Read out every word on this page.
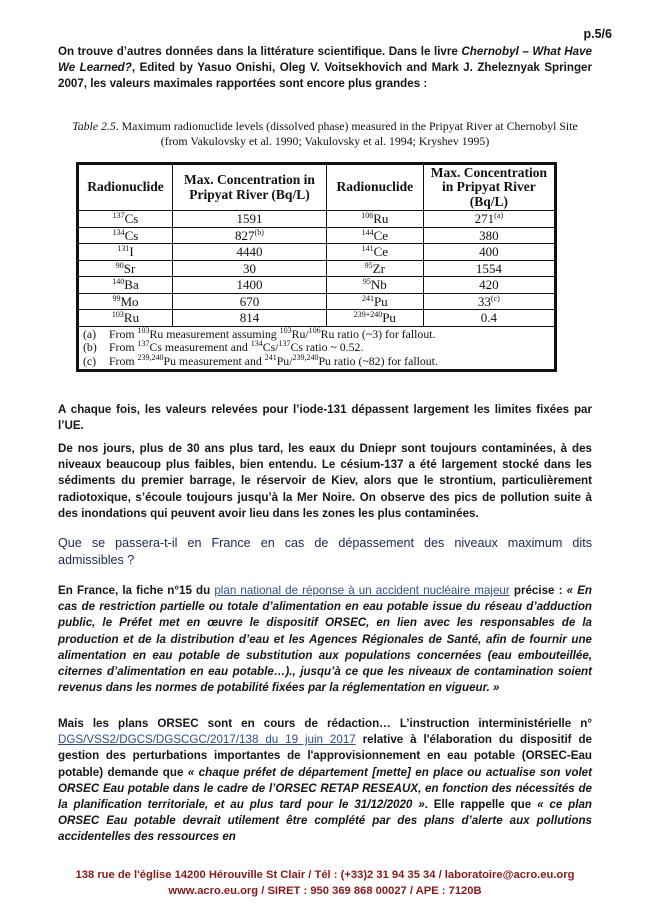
p.5/6
On trouve d’autres données dans la littérature scientifique. Dans le livre Chernobyl – What Have We Learned?, Edited by Yasuo Onishi, Oleg V. Voitsekhovich and Mark J. Zheleznyak Springer 2007, les valeurs maximales rapportées sont encore plus grandes :
Table 2.5. Maximum radionuclide levels (dissolved phase) measured in the Pripyat River at Chernobyl Site (from Vakulovsky et al. 1990; Vakulovsky et al. 1994; Kryshev 1995)
Radionuclide	Max. Concentration in Pripyat River (Bq/L)	Radionuclide	Max. Concentration in Pripyat River (Bq/L)
$^{137}$Cs	1591	$^{106}$Ru	271$^{(a)}$
$^{134}$Cs	827$^{(b)}$	$^{144}$Ce	380
$^{131}$I	4440	$^{141}$Ce	400
$^{90}$Sr	30	$^{95}$Zr	1554
$^{140}$Ba	1400	$^{95}$Nb	420
$^{99}$Mo	670	$^{241}$Pu	33$^{(c)}$
$^{103}$Ru	814	$^{239+240}$Pu	0.4

(a)	From $^{103}$Ru measurement assuming $^{103}$Ru/$^{106}$Ru ratio (~3) for fallout.
(b)	From $^{137}$Cs measurement and $^{134}$Cs/$^{137}$Cs ratio ~ 0.52.
(c)	From $^{239,240}$Pu measurement and $^{241}$Pu/$^{239,240}$Pu ratio (~82) for fallout.
A chaque fois, les valeurs relevées pour l’iode-131 dépassent largement les limites fixées par l’UE.
De nos jours, plus de 30 ans plus tard, les eaux du Dniepr sont toujours contaminées, à des niveaux beaucoup plus faibles, bien entendu. Le césium-137 a été largement stocké dans les sédiments du premier barrage, le réservoir de Kiev, alors que le strontium, particulièrement radiotoxique, s’écoule toujours jusqu’à la Mer Noire. On observe des pics de pollution suite à des inondations qui peuvent avoir lieu dans les zones les plus contaminées.
Que se passera-t-il en France en cas de dépassement des niveaux maximum dits admissibles ?
En France, la fiche n°15 du plan national de réponse à un accident nucléaire majeur précise : « En cas de restriction partielle ou totale d’alimentation en eau potable issue du réseau d’adduction public, le Préfet met en œuvre le dispositif ORSEC, en lien avec les responsables de la production et de la distribution d’eau et les Agences Régionales de Santé, afin de fournir une alimentation en eau potable de substitution aux populations concernées (eau embouteillée, citernes d’alimentation en eau potable…)., jusqu’à ce que les niveaux de contamination soient revenus dans les normes de potabilité fixées par la réglementation en vigueur. »
Mais les plans ORSEC sont en cours de rédaction… L’instruction interministérielle n° DGS/VSS2/DGCS/DGSCGC/2017/138 du 19 juin 2017 relative à l'élaboration du dispositif de gestion des perturbations importantes de l'approvisionnement en eau potable (ORSEC-Eau potable) demande que « chaque préfet de département [mette] en place ou actualise son volet ORSEC Eau potable dans le cadre de l’ORSEC RETAP RESEAUX, en fonction des nécessités de la planification territoriale, et au plus tard pour le 31/12/2020 ». Elle rappelle que « ce plan ORSEC Eau potable devrait utilement être complété par des plans d’alerte aux pollutions accidentelles des ressources en
138 rue de l'église 14200 Hérouville St Clair / Tél : (+33)2 31 94 35 34 / laboratoire@acro.eu.org
www.acro.eu.org / SIRET : 950 369 868 00027 / APE : 7120B
